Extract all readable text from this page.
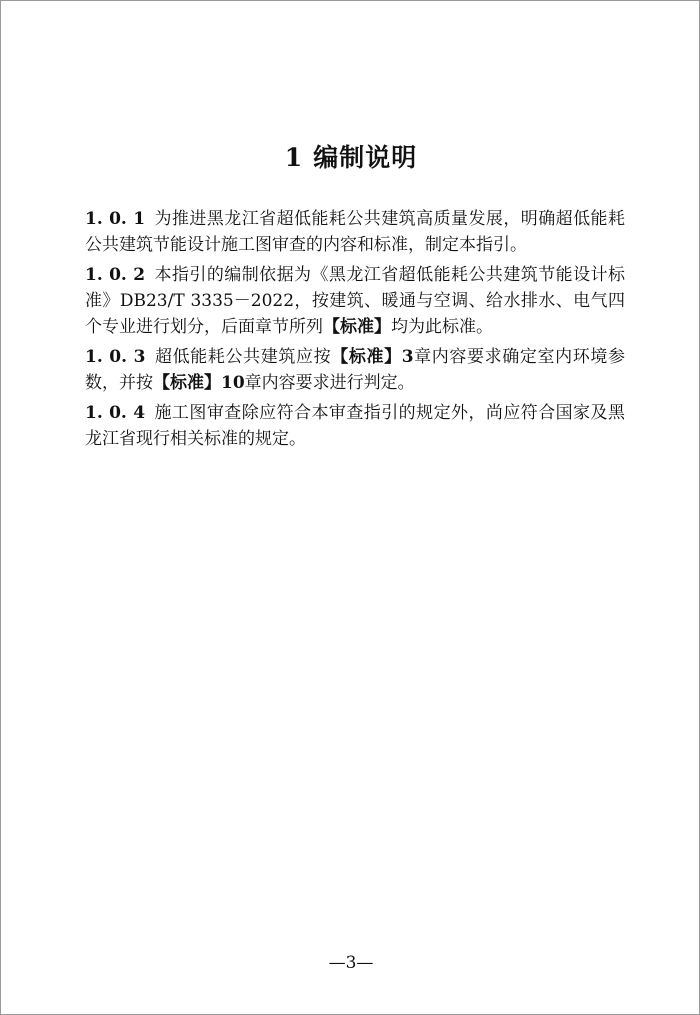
1 编制说明

1. 0. 1 为推进黑龙江省超低能耗公共建筑高质量发展，明确超低能耗公共建筑节能设计施工图审查的内容和标准，制定本指引。

1. 0. 2 本指引的编制依据为《黑龙江省超低能耗公共建筑节能设计标准》DB23/T 3335－2022，按建筑、暖通与空调、给水排水、电气四个专业进行划分，后面章节所列【标准】均为此标准。

1. 0. 3 超低能耗公共建筑应按【标准】3章内容要求确定室内环境参数，并按【标准】10章内容要求进行判定。

1. 0. 4 施工图审查除应符合本审查指引的规定外，尚应符合国家及黑龙江省现行相关标准的规定。

—3—
